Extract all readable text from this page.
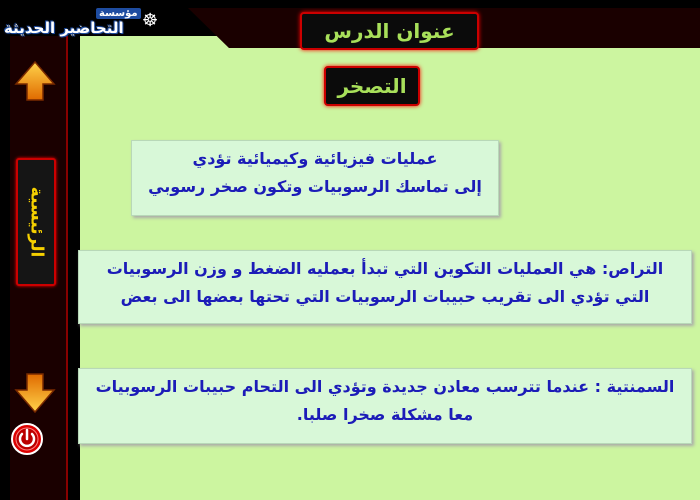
☸
مؤسسة
التحاضير الحديثة	عنوان الدرس
التصخر
عمليات فيزيائية وكيميائية تؤدي
إلى تماسك الرسوبيات وتكون صخر رسوبي
التراص: هي العمليات التكوين التي تبدأ بعمليه الضغط و وزن الرسوبيات
التي تؤدي الى تقريب حبيبات الرسوبيات التي تحتها بعضها الى بعض
السمنتية : عندما تترسب معادن جديدة وتؤدي الى التحام حبيبات الرسوبيات
معا مشكلة صخرا صلبا.
الرئيسية
